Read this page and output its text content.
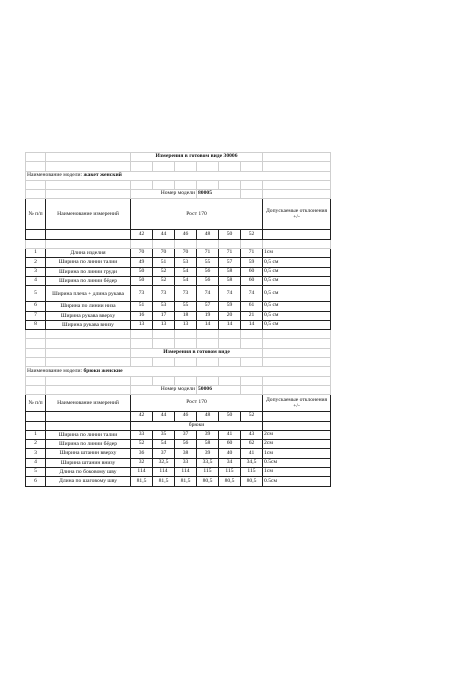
		Измерения в готовом виде 30006						

Наименование модели: жакет женский								

		Номер модели			80005			
№ п/п	Наименование измерений	Рост 170						Допускаемые отклонения +/-
		42	44	46	48	50	52	

1	Длина изделия	70	70	70	71	71	71	1см
2	Ширина по линии талии	49	51	53	55	57	59	0,5 см
3	Ширина по линии груди	50	52	54	56	58	60	0,5 см
4	Ширина по линии бёдер	50	52	54	56	58	60	0,5 см
5	Ширина плеча + длина рукава	73	73	73	74	74	74	0,5 см
6	Ширина по линии низа	51	53	55	57	59	61	0,5 см
7	Ширина рукава вверху	16	17	18	19	20	21	0,5 см
8	Ширина рукава внизу	13	13	13	14	14	14	0,5 см

		Измерения в готовом виде						

Наименование модели: брюки женские								

		Номер модели			50006			
№ п/п	Наименование измерений	Рост 170						Допускаемые отклонения +/-
		42	44	46	48	50	52	
		брюки						
1	Ширина по линии талии	33	35	37	39	41	43	2см
2	Ширина по линии бёдер	52	54	56	58	60	62	2см
3	Ширина штанин вверху	36	37	38	39	40	41	1см
4	Ширина штанин внизу	32	32,5	33	33,5	34	34,5	0.5см
5	Длина по боковому шву	114	114	114	115	115	115	1см
6	Длина по шаговому шву	81,5	81,5	81,5	80,5	80,5	80,5	0.5см
